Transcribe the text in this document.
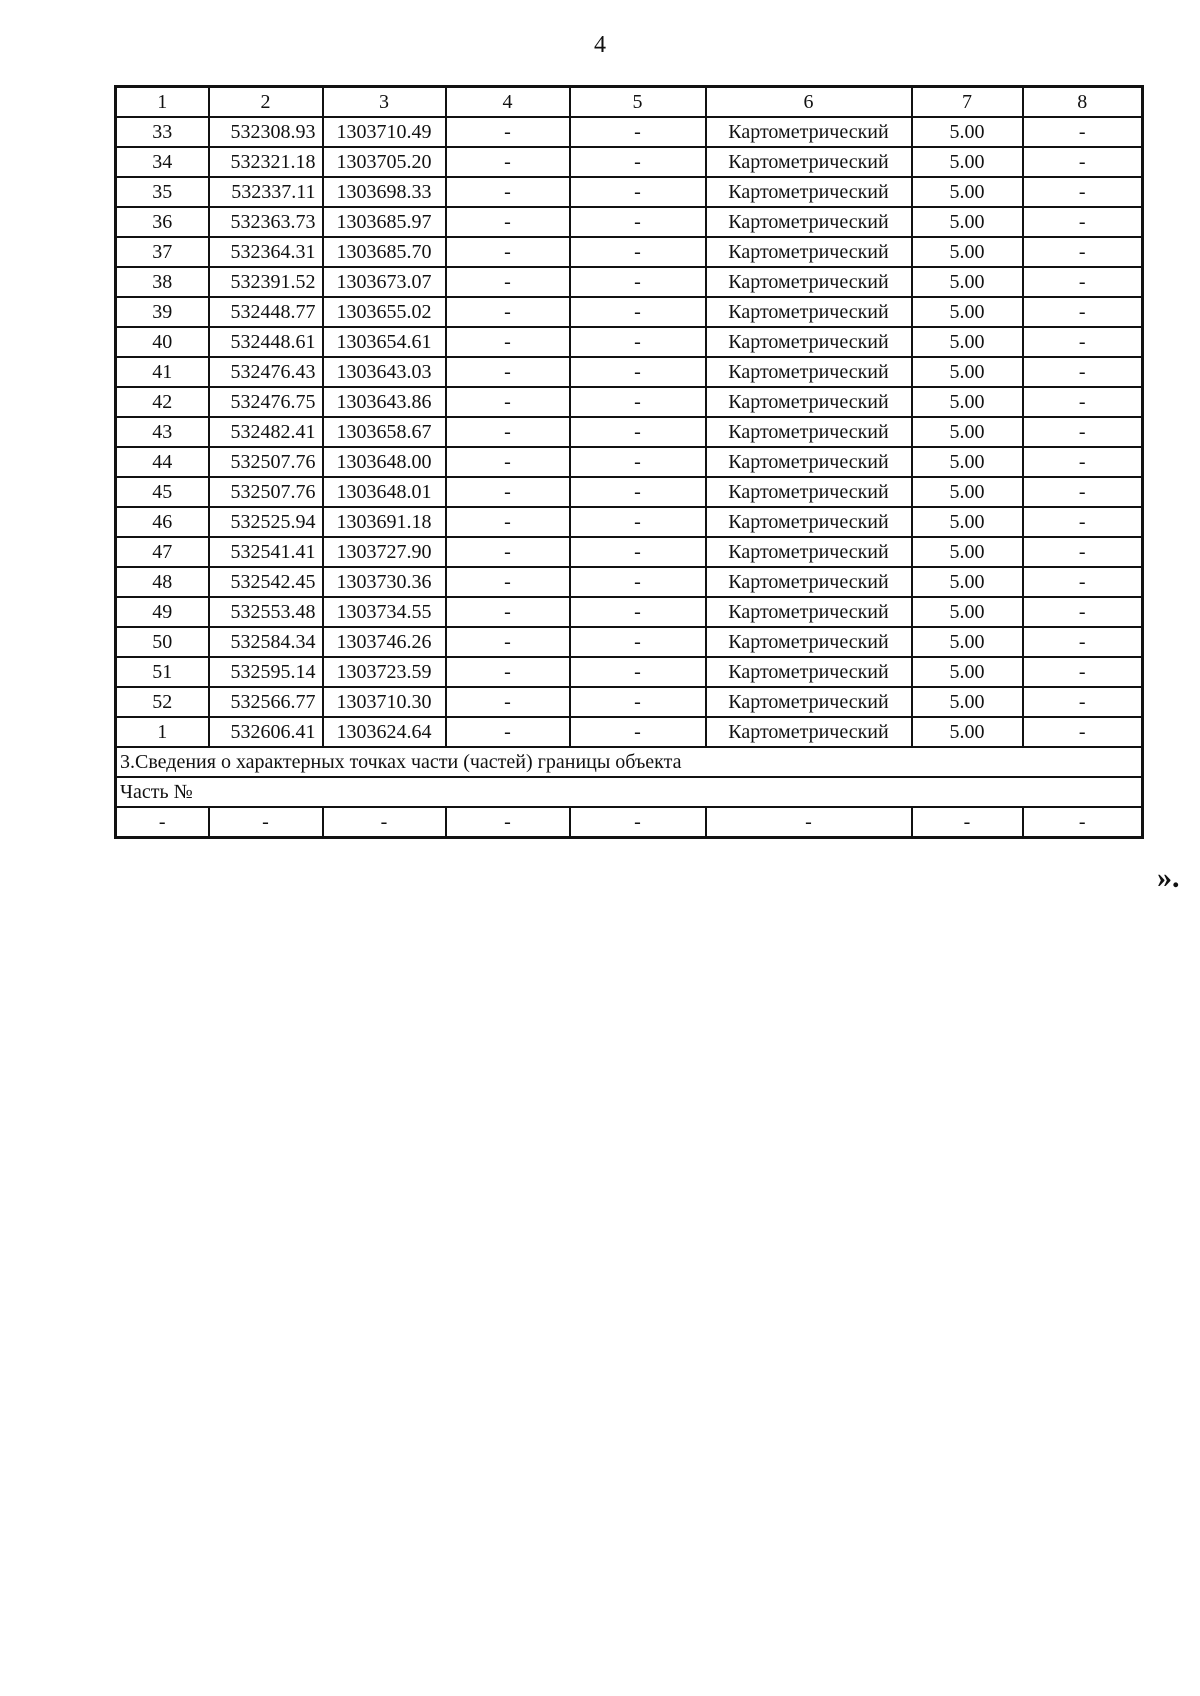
4
1	2	3	4	5	6	7	8
33	532308.93	1303710.49	-	-	Картометрический	5.00	-
34	532321.18	1303705.20	-	-	Картометрический	5.00	-
35	532337.11	1303698.33	-	-	Картометрический	5.00	-
36	532363.73	1303685.97	-	-	Картометрический	5.00	-
37	532364.31	1303685.70	-	-	Картометрический	5.00	-
38	532391.52	1303673.07	-	-	Картометрический	5.00	-
39	532448.77	1303655.02	-	-	Картометрический	5.00	-
40	532448.61	1303654.61	-	-	Картометрический	5.00	-
41	532476.43	1303643.03	-	-	Картометрический	5.00	-
42	532476.75	1303643.86	-	-	Картометрический	5.00	-
43	532482.41	1303658.67	-	-	Картометрический	5.00	-
44	532507.76	1303648.00	-	-	Картометрический	5.00	-
45	532507.76	1303648.01	-	-	Картометрический	5.00	-
46	532525.94	1303691.18	-	-	Картометрический	5.00	-
47	532541.41	1303727.90	-	-	Картометрический	5.00	-
48	532542.45	1303730.36	-	-	Картометрический	5.00	-
49	532553.48	1303734.55	-	-	Картометрический	5.00	-
50	532584.34	1303746.26	-	-	Картометрический	5.00	-
51	532595.14	1303723.59	-	-	Картометрический	5.00	-
52	532566.77	1303710.30	-	-	Картометрический	5.00	-
1	532606.41	1303624.64	-	-	Картометрический	5.00	-
3.Сведения о характерных точках части (частей) границы объекта							
Часть №							
-	-	-	-	-	-	-	-
».
